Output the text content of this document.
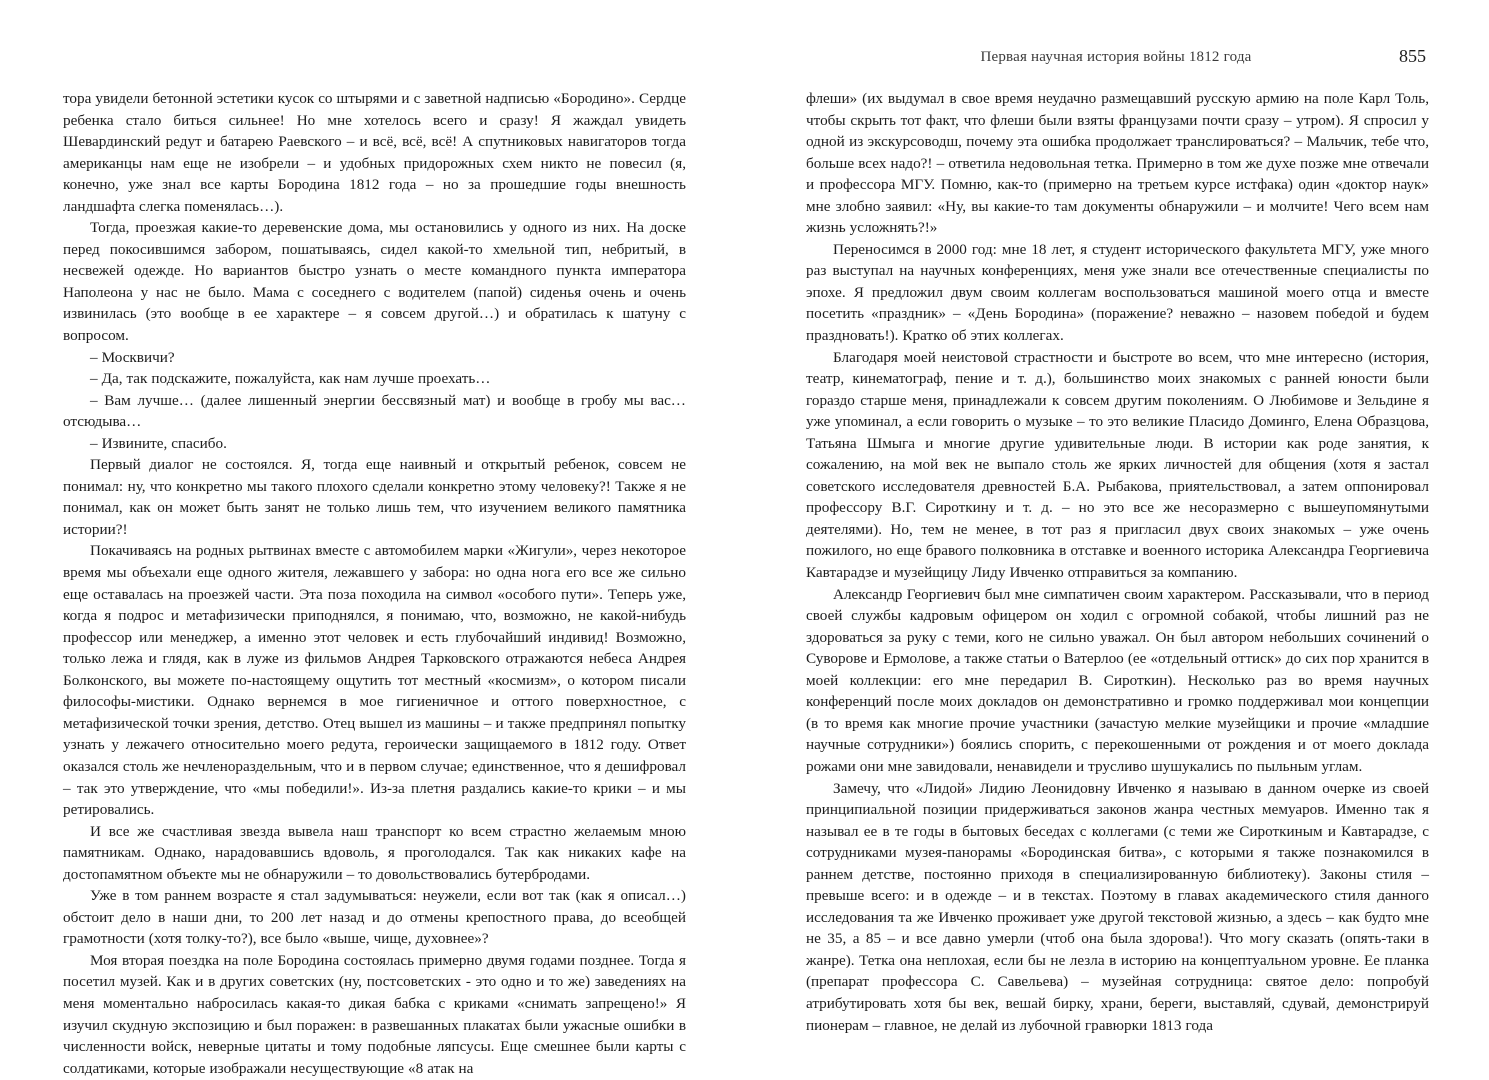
Первая научная история войны 1812 года	855

тора увидели бетонной эстетики кусок со штырями и с заветной надписью «Бородино». Сердце ребенка стало биться сильнее! Но мне хотелось всего и сразу! Я жаждал увидеть Шевардинский редут и батарею Раевского – и всё, всё, всё! А спутниковых навигаторов тогда американцы нам еще не изобрели – и удобных придорожных схем никто не повесил (я, конечно, уже знал все карты Бородина 1812 года – но за прошедшие годы внешность ландшафта слегка поменялась…).

Тогда, проезжая какие-то деревенские дома, мы остановились у одного из них. На доске перед покосившимся забором, пошатываясь, сидел какой-то хмельной тип, небритый, в несвежей одежде. Но вариантов быстро узнать о месте командного пункта императора Наполеона у нас не было. Мама с соседнего с водителем (папой) сиденья очень и очень извинилась (это вообще в ее характере – я совсем другой…) и обратилась к шатуну с вопросом.

– Москвичи?

– Да, так подскажите, пожалуйста, как нам лучше проехать…

– Вам лучше… (далее лишенный энергии бессвязный мат) и вообще в гробу мы вас… отсюдыва…

– Извините, спасибо.

Первый диалог не состоялся. Я, тогда еще наивный и открытый ребенок, совсем не понимал: ну, что конкретно мы такого плохого сделали конкретно этому человеку?! Также я не понимал, как он может быть занят не только лишь тем, что изучением великого памятника истории?!

Покачиваясь на родных рытвинах вместе с автомобилем марки «Жигули», через некоторое время мы объехали еще одного жителя, лежавшего у забора: но одна нога его все же сильно еще оставалась на проезжей части. Эта поза походила на символ «особого пути». Теперь уже, когда я подрос и метафизически приподнялся, я понимаю, что, возможно, не какой-нибудь профессор или менеджер, а именно этот человек и есть глубочайший индивид! Возможно, только лежа и глядя, как в луже из фильмов Андрея Тарковского отражаются небеса Андрея Болконского, вы можете по-настоящему ощутить тот местный «космизм», о котором писали философы-мистики. Однако вернемся в мое гигиеничное и оттого поверхностное, с метафизической точки зрения, детство. Отец вышел из машины – и также предпринял попытку узнать у лежачего относительно моего редута, героически защищаемого в 1812 году. Ответ оказался столь же нечленораздельным, что и в первом случае; единственное, что я дешифровал – так это утверждение, что «мы победили!». Из-за плетня раздались какие-то крики – и мы ретировались.

И все же счастливая звезда вывела наш транспорт ко всем страстно желаемым мною памятникам. Однако, нарадовавшись вдоволь, я проголодался. Так как никаких кафе на достопамятном объекте мы не обнаружили – то довольствовались бутербродами.

Уже в том раннем возрасте я стал задумываться: неужели, если вот так (как я описал…) обстоит дело в наши дни, то 200 лет назад и до отмены крепостного права, до всеобщей грамотности (хотя толку-то?), все было «выше, чище, духовнее»?

Моя вторая поездка на поле Бородина состоялась примерно двумя годами позднее. Тогда я посетил музей. Как и в других советских (ну, постсоветских - это одно и то же) заведениях на меня моментально набросилась какая-то дикая бабка с криками «снимать запрещено!» Я изучил скудную экспозицию и был поражен: в развешанных плакатах были ужасные ошибки в численности войск, неверные цитаты и тому подобные ляпсусы. Еще смешнее были карты с солдатиками, которые изображали несуществующие «8 атак на

флеши» (их выдумал в свое время неудачно размещавший русскую армию на поле Карл Толь, чтобы скрыть тот факт, что флеши были взяты французами почти сразу – утром). Я спросил у одной из экскурсоводш, почему эта ошибка продолжает транслироваться? – Мальчик, тебе что, больше всех надо?! – ответила недовольная тетка. Примерно в том же духе позже мне отвечали и профессора МГУ. Помню, как-то (примерно на третьем курсе истфака) один «доктор наук» мне злобно заявил: «Ну, вы какие-то там документы обнаружили – и молчите! Чего всем нам жизнь усложнять?!»

Переносимся в 2000 год: мне 18 лет, я студент исторического факультета МГУ, уже много раз выступал на научных конференциях, меня уже знали все отечественные специалисты по эпохе. Я предложил двум своим коллегам воспользоваться машиной моего отца и вместе посетить «праздник» – «День Бородина» (поражение? неважно – назовем победой и будем праздновать!). Кратко об этих коллегах.

Благодаря моей неистовой страстности и быстроте во всем, что мне интересно (история, театр, кинематограф, пение и т. д.), большинство моих знакомых с ранней юности были гораздо старше меня, принадлежали к совсем другим поколениям. О Любимове и Зельдине я уже упоминал, а если говорить о музыке – то это великие Пласидо Доминго, Елена Образцова, Татьяна Шмыга и многие другие удивительные люди. В истории как роде занятия, к сожалению, на мой век не выпало столь же ярких личностей для общения (хотя я застал советского исследователя древностей Б.А. Рыбакова, приятельствовал, а затем оппонировал профессору В.Г. Сироткину и т. д. – но это все же несоразмерно с вышеупомянутыми деятелями). Но, тем не менее, в тот раз я пригласил двух своих знакомых – уже очень пожилого, но еще бравого полковника в отставке и военного историка Александра Георгиевича Кавтарадзе и музейщицу Лиду Ивченко отправиться за компанию.

Александр Георгиевич был мне симпатичен своим характером. Рассказывали, что в период своей службы кадровым офицером он ходил с огромной собакой, чтобы лишний раз не здороваться за руку с теми, кого не сильно уважал. Он был автором небольших сочинений о Суворове и Ермолове, а также статьи о Ватерлоо (ее «отдельный оттиск» до сих пор хранится в моей коллекции: его мне передарил В. Сироткин). Несколько раз во время научных конференций после моих докладов он демонстративно и громко поддерживал мои концепции (в то время как многие прочие участники (зачастую мелкие музейщики и прочие «младшие научные сотрудники») боялись спорить, с перекошенными от рождения и от моего доклада рожами они мне завидовали, ненавидели и трусливо шушукались по пыльным углам.

Замечу, что «Лидой» Лидию Леонидовну Ивченко я называю в данном очерке из своей принципиальной позиции придерживаться законов жанра честных мемуаров. Именно так я называл ее в те годы в бытовых беседах с коллегами (с теми же Сироткиным и Кавтарадзе, с сотрудниками музея-панорамы «Бородинская битва», с которыми я также познакомился в раннем детстве, постоянно приходя в специализированную библиотеку). Законы стиля – превыше всего: и в одежде – и в текстах. Поэтому в главах академического стиля данного исследования та же Ивченко проживает уже другой текстовой жизнью, а здесь – как будто мне не 35, а 85 – и все давно умерли (чтоб она была здорова!). Что могу сказать (опять-таки в жанре). Тетка она неплохая, если бы не лезла в историю на концептуальном уровне. Ее планка (препарат профессора С. Савельева) – музейная сотрудница: святое дело: попробуй атрибутировать хотя бы век, вешай бирку, храни, береги, выставляй, сдувай, демонстрируй пионерам – главное, не делай из лубочной гравюрки 1813 года
